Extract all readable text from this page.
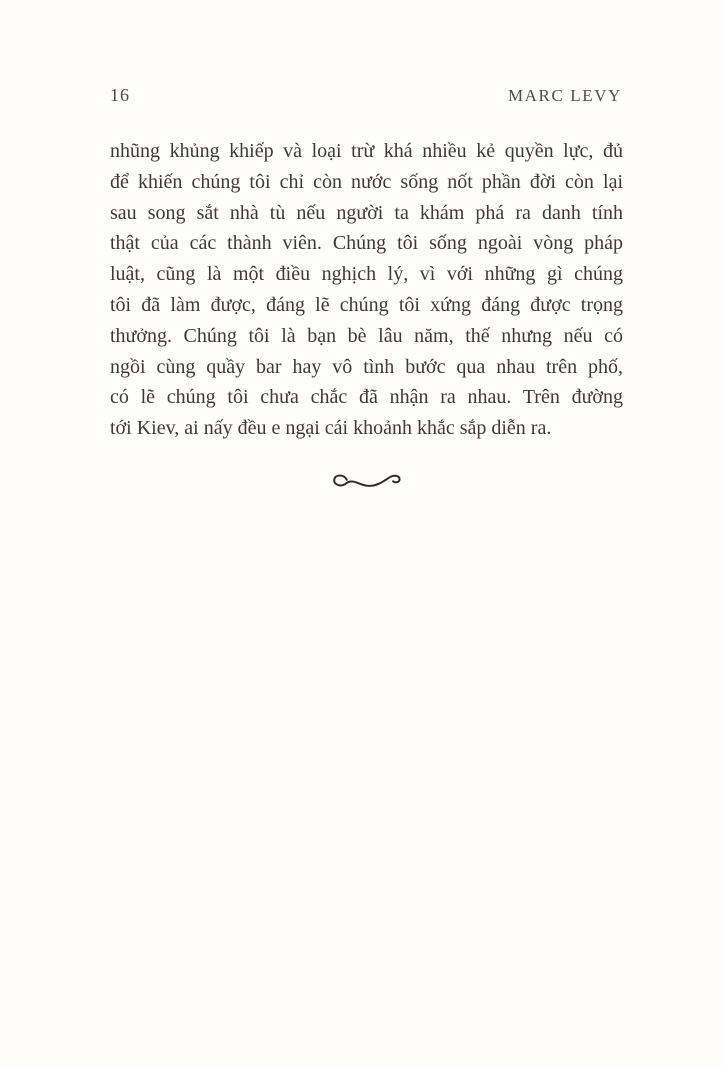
16	MARC LEVY
nhũng khủng khiếp và loại trừ khá nhiều kẻ quyền lực, đủ
để khiến chúng tôi chỉ còn nước sống nốt phần đời còn lại
sau song sắt nhà tù nếu người ta khám phá ra danh tính
thật của các thành viên. Chúng tôi sống ngoài vòng pháp
luật, cũng là một điều nghịch lý, vì với những gì chúng
tôi đã làm được, đáng lẽ chúng tôi xứng đáng được trọng
thưởng. Chúng tôi là bạn bè lâu năm, thế nhưng nếu có
ngồi cùng quầy bar hay vô tình bước qua nhau trên phố,
có lẽ chúng tôi chưa chắc đã nhận ra nhau. Trên đường
tới Kiev, ai nấy đều e ngại cái khoảnh khắc sắp diễn ra.
